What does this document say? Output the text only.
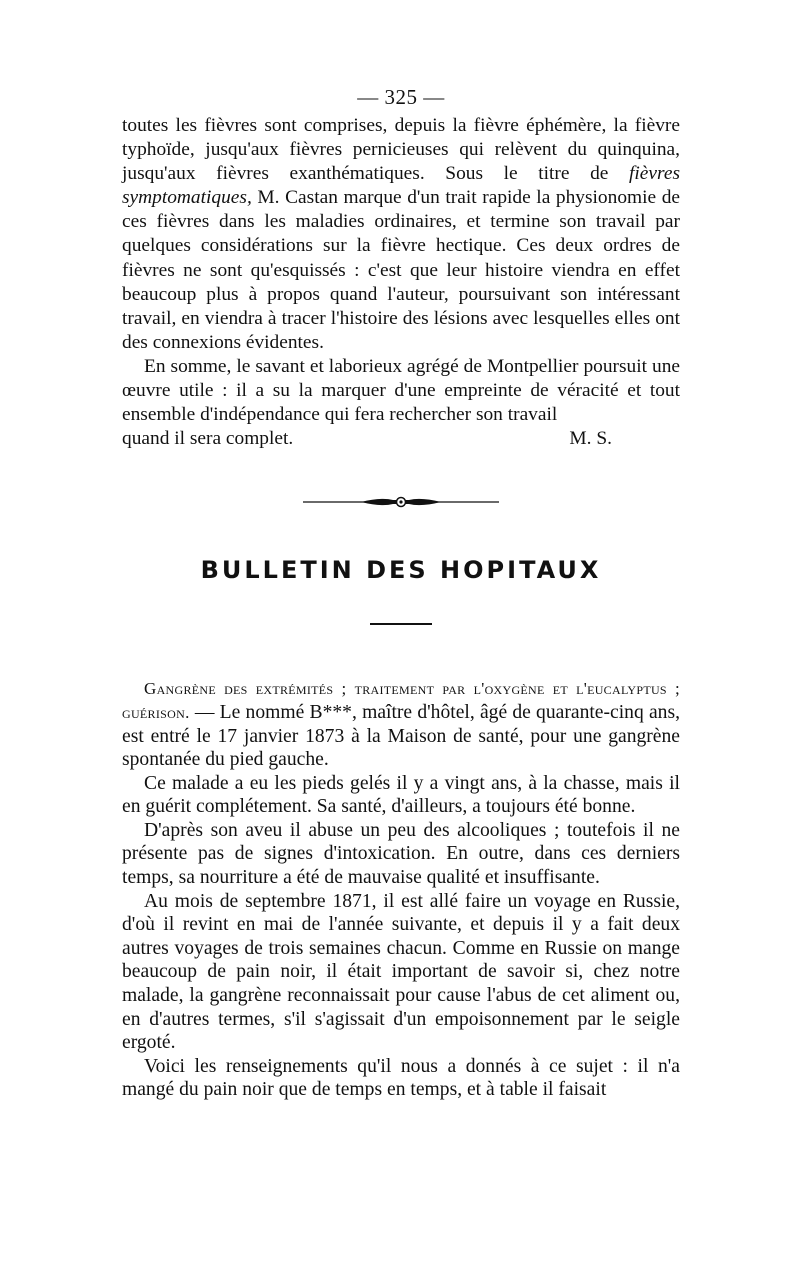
— 325 —

toutes les fièvres sont comprises, depuis la fièvre éphémère, la fièvre typhoïde, jusqu'aux fièvres pernicieuses qui relèvent du quinquina, jusqu'aux fièvres exanthématiques. Sous le titre de fièvres symptomatiques, M. Castan marque d'un trait rapide la physionomie de ces fièvres dans les maladies ordinaires, et termine son travail par quelques considérations sur la fièvre hectique. Ces deux ordres de fièvres ne sont qu'esquissés : c'est que leur histoire viendra en effet beaucoup plus à propos quand l'auteur, poursuivant son intéressant travail, en viendra à tracer l'histoire des lésions avec lesquelles elles ont des connexions évidentes.

En somme, le savant et laborieux agrégé de Montpellier poursuit une œuvre utile : il a su la marquer d'une empreinte de véracité et tout ensemble d'indépendance qui fera rechercher son travail

quand il sera complet.	M. S.
BULLETIN DES HOPITAUX

Gangrène des extrémités ; traitement par l'oxygène et l'eucalyptus ; guérison. — Le nommé B***, maître d'hôtel, âgé de quarante-cinq ans, est entré le 17 janvier 1873 à la Maison de santé, pour une gangrène spontanée du pied gauche.

Ce malade a eu les pieds gelés il y a vingt ans, à la chasse, mais il en guérit complétement. Sa santé, d'ailleurs, a toujours été bonne.

D'après son aveu il abuse un peu des alcooliques ; toutefois il ne présente pas de signes d'intoxication. En outre, dans ces derniers temps, sa nourriture a été de mauvaise qualité et insuffisante.

Au mois de septembre 1871, il est allé faire un voyage en Russie, d'où il revint en mai de l'année suivante, et depuis il y a fait deux autres voyages de trois semaines chacun. Comme en Russie on mange beaucoup de pain noir, il était important de savoir si, chez notre malade, la gangrène reconnaissait pour cause l'abus de cet aliment ou, en d'autres termes, s'il s'agissait d'un empoisonnement par le seigle ergoté.

Voici les renseignements qu'il nous a donnés à ce sujet : il n'a mangé du pain noir que de temps en temps, et à table il faisait
